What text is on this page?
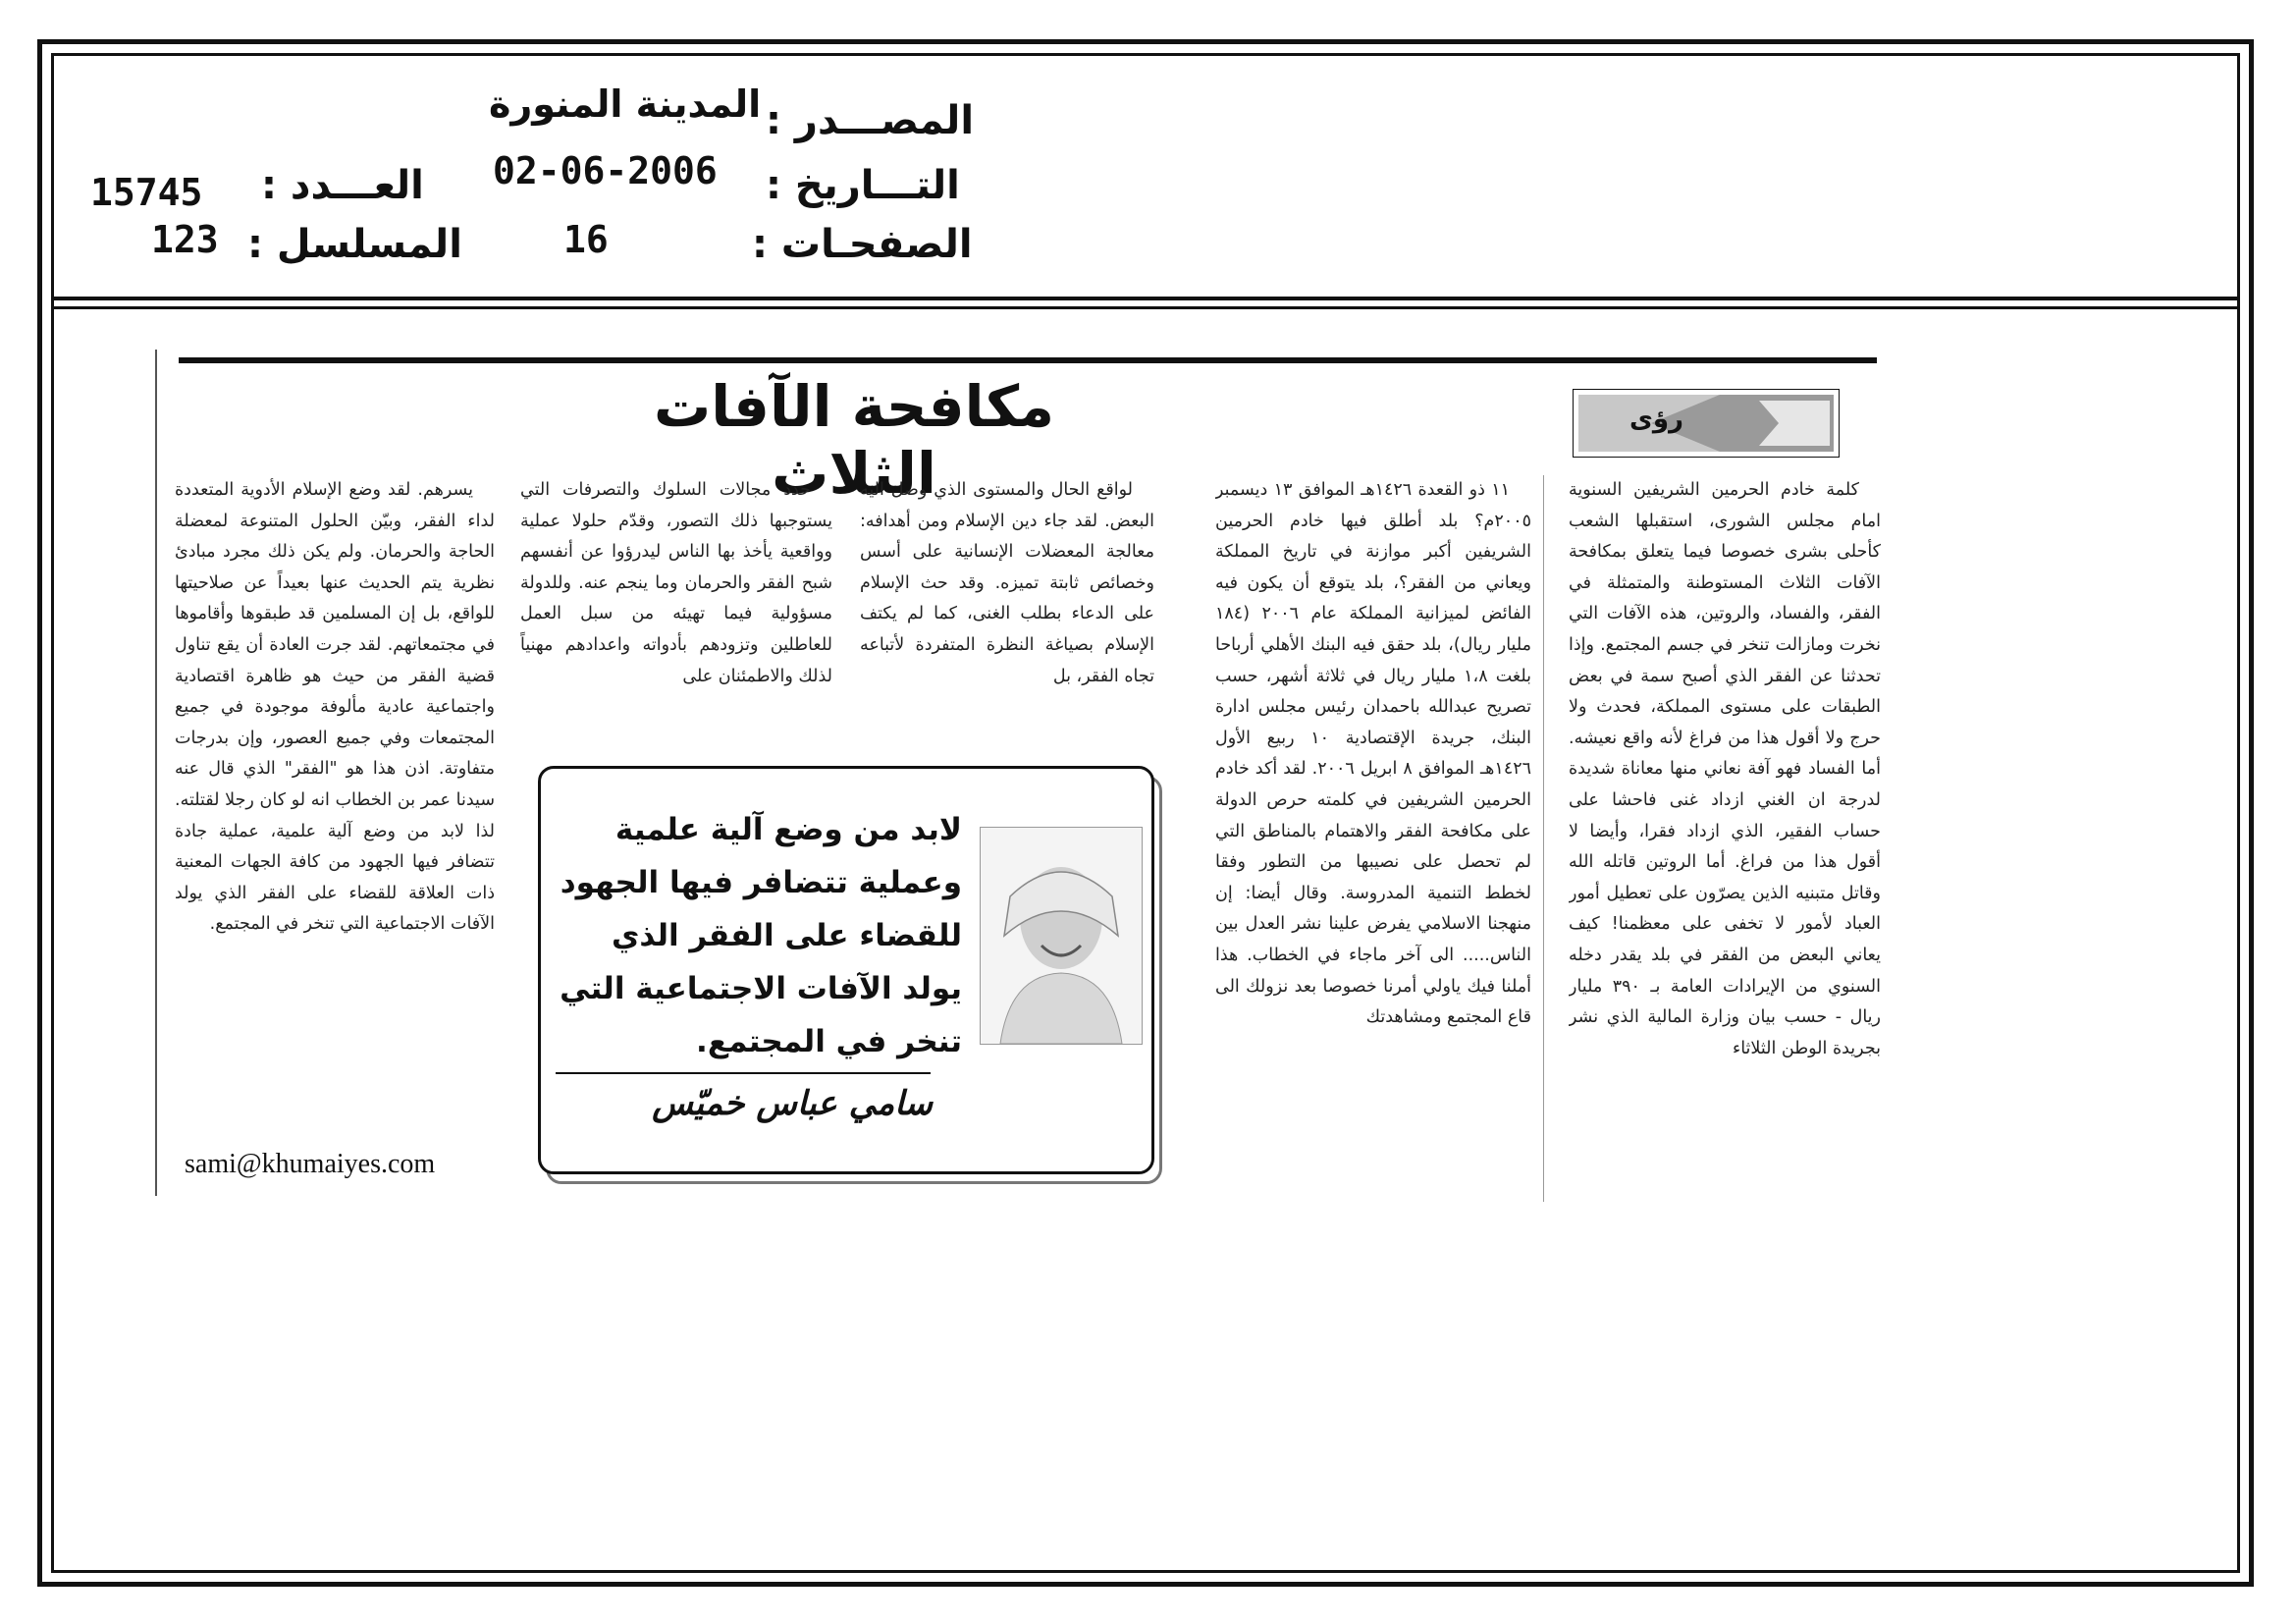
المصـــدر :
المدينة المنورة
التـــاريخ :
02-06-2006
الصفحـات :
16
العـــدد :
15745
المسلسل :
123
مكافحة الآفات الثلاث
رؤى

كلمة خادم الحرمين الشريفين السنوية امام مجلس الشورى، استقبلها الشعب كأحلى بشرى خصوصا فيما يتعلق بمكافحة الآفات الثلاث المستوطنة والمتمثلة في الفقر، والفساد، والروتين، هذه الآفات التي نخرت ومازالت تنخر في جسم المجتمع. وإذا تحدثنا عن الفقر الذي أصبح سمة في بعض الطبقات على مستوى المملكة، فحدث ولا حرج ولا أقول هذا من فراغ لأنه واقع نعيشه. أما الفساد فهو آفة نعاني منها معاناة شديدة لدرجة ان الغني ازداد غنى فاحشا على حساب الفقير، الذي ازداد فقرا، وأيضا لا أقول هذا من فراغ. أما الروتين قاتله الله وقاتل متبنيه الذين يصرّون على تعطيل أمور العباد لأمور لا تخفى على معظمنا! كيف يعاني البعض من الفقر في بلد يقدر دخله السنوي من الإيرادات العامة بـ ٣٩٠ مليار ريال - حسب بيان وزارة المالية الذي نشر بجريدة الوطن الثلاثاء

١١ ذو القعدة ١٤٢٦هـ الموافق ١٣ ديسمبر ٢٠٠٥م؟ بلد أطلق فيها خادم الحرمين الشريفين أكبر موازنة في تاريخ المملكة ويعاني من الفقر؟، بلد يتوقع أن يكون فيه الفائض لميزانية المملكة عام ٢٠٠٦ (١٨٤ مليار ريال)، بلد حقق فيه البنك الأهلي أرباحا بلغت ١،٨ مليار ريال في ثلاثة أشهر، حسب تصريح عبدالله باحمدان رئيس مجلس ادارة البنك، جريدة الإقتصادية ١٠ ربيع الأول ١٤٢٦هـ الموافق ٨ ابريل ٢٠٠٦. لقد أكد خادم الحرمين الشريفين في كلمته حرص الدولة على مكافحة الفقر والاهتمام بالمناطق التي لم تحصل على نصيبها من التطور وفقا لخطط التنمية المدروسة. وقال أيضا: إن منهجنا الاسلامي يفرض علينا نشر العدل بين الناس..... الى آخر ماجاء في الخطاب. هذا أملنا فيك ياولي أمرنا خصوصا بعد نزولك الى قاع المجتمع ومشاهدتك

لواقع الحال والمستوى الذي وصل اليه البعض. لقد جاء دين الإسلام ومن أهدافه: معالجة المعضلات الإنسانية على أسس وخصائص ثابتة تميزه. وقد حث الإسلام على الدعاء بطلب الغنى، كما لم يكتف الإسلام بصياغة النظرة المتفردة لأتباعه تجاه الفقر، بل

حدد مجالات السلوك والتصرفات التي يستوجبها ذلك التصور، وقدّم حلولا عملية وواقعية يأخذ بها الناس ليدرؤوا عن أنفسهم شبح الفقر والحرمان وما ينجم عنه. وللدولة مسؤولية فيما تهيئه من سبل العمل للعاطلين وتزودهم بأدواته واعدادهم مهنياً لذلك والاطمئنان على

يسرهم. لقد وضع الإسلام الأدوية المتعددة لداء الفقر، وبيّن الحلول المتنوعة لمعضلة الحاجة والحرمان. ولم يكن ذلك مجرد مبادئ نظرية يتم الحديث عنها بعيداً عن صلاحيتها للواقع، بل إن المسلمين قد طبقوها وأقاموها في مجتمعاتهم. لقد جرت العادة أن يقع تناول قضية الفقر من حيث هو ظاهرة اقتصادية واجتماعية عادية مألوفة موجودة في جميع المجتمعات وفي جميع العصور، وإن بدرجات متفاوتة. اذن هذا هو "الفقر" الذي قال عنه سيدنا عمر بن الخطاب انه لو كان رجلا لقتلته. لذا لابد من وضع آلية علمية، عملية جادة تتضافر فيها الجهود من كافة الجهات المعنية ذات العلاقة للقضاء على الفقر الذي يولد الآفات الاجتماعية التي تنخر في المجتمع.

لابد من وضع آلية علمية وعملية تتضافر فيها الجهود للقضاء على الفقر الذي يولد الآفات الاجتماعية التي تنخر في المجتمع.
سامي عباس خميّس
sami@khumaiyes.com
